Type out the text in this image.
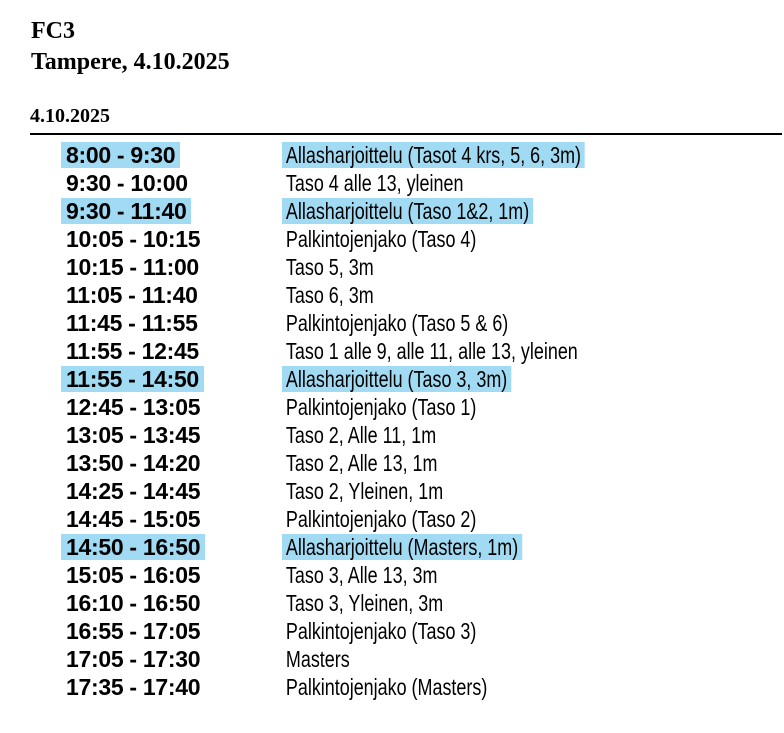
FC3
Tampere, 4.10.2025
4.10.2025
8:00 - 9:30	Allasharjoittelu (Tasot 4 krs, 5, 6, 3m)
9:30 - 10:00	Taso 4 alle 13, yleinen
9:30 - 11:40	Allasharjoittelu (Taso 1&2, 1m)
10:05 - 10:15	Palkintojenjako (Taso 4)
10:15 - 11:00	Taso 5, 3m
11:05 - 11:40	Taso 6, 3m
11:45 - 11:55	Palkintojenjako (Taso 5 & 6)
11:55 - 12:45	Taso 1 alle 9, alle 11, alle 13, yleinen
11:55 - 14:50	Allasharjoittelu (Taso 3, 3m)
12:45 - 13:05	Palkintojenjako (Taso 1)
13:05 - 13:45	Taso 2, Alle 11, 1m
13:50 - 14:20	Taso 2, Alle 13, 1m
14:25 - 14:45	Taso 2, Yleinen, 1m
14:45 - 15:05	Palkintojenjako (Taso 2)
14:50 - 16:50	Allasharjoittelu (Masters, 1m)
15:05 - 16:05	Taso 3, Alle 13, 3m
16:10 - 16:50	Taso 3, Yleinen, 3m
16:55 - 17:05	Palkintojenjako (Taso 3)
17:05 - 17:30	Masters
17:35 - 17:40	Palkintojenjako (Masters)
